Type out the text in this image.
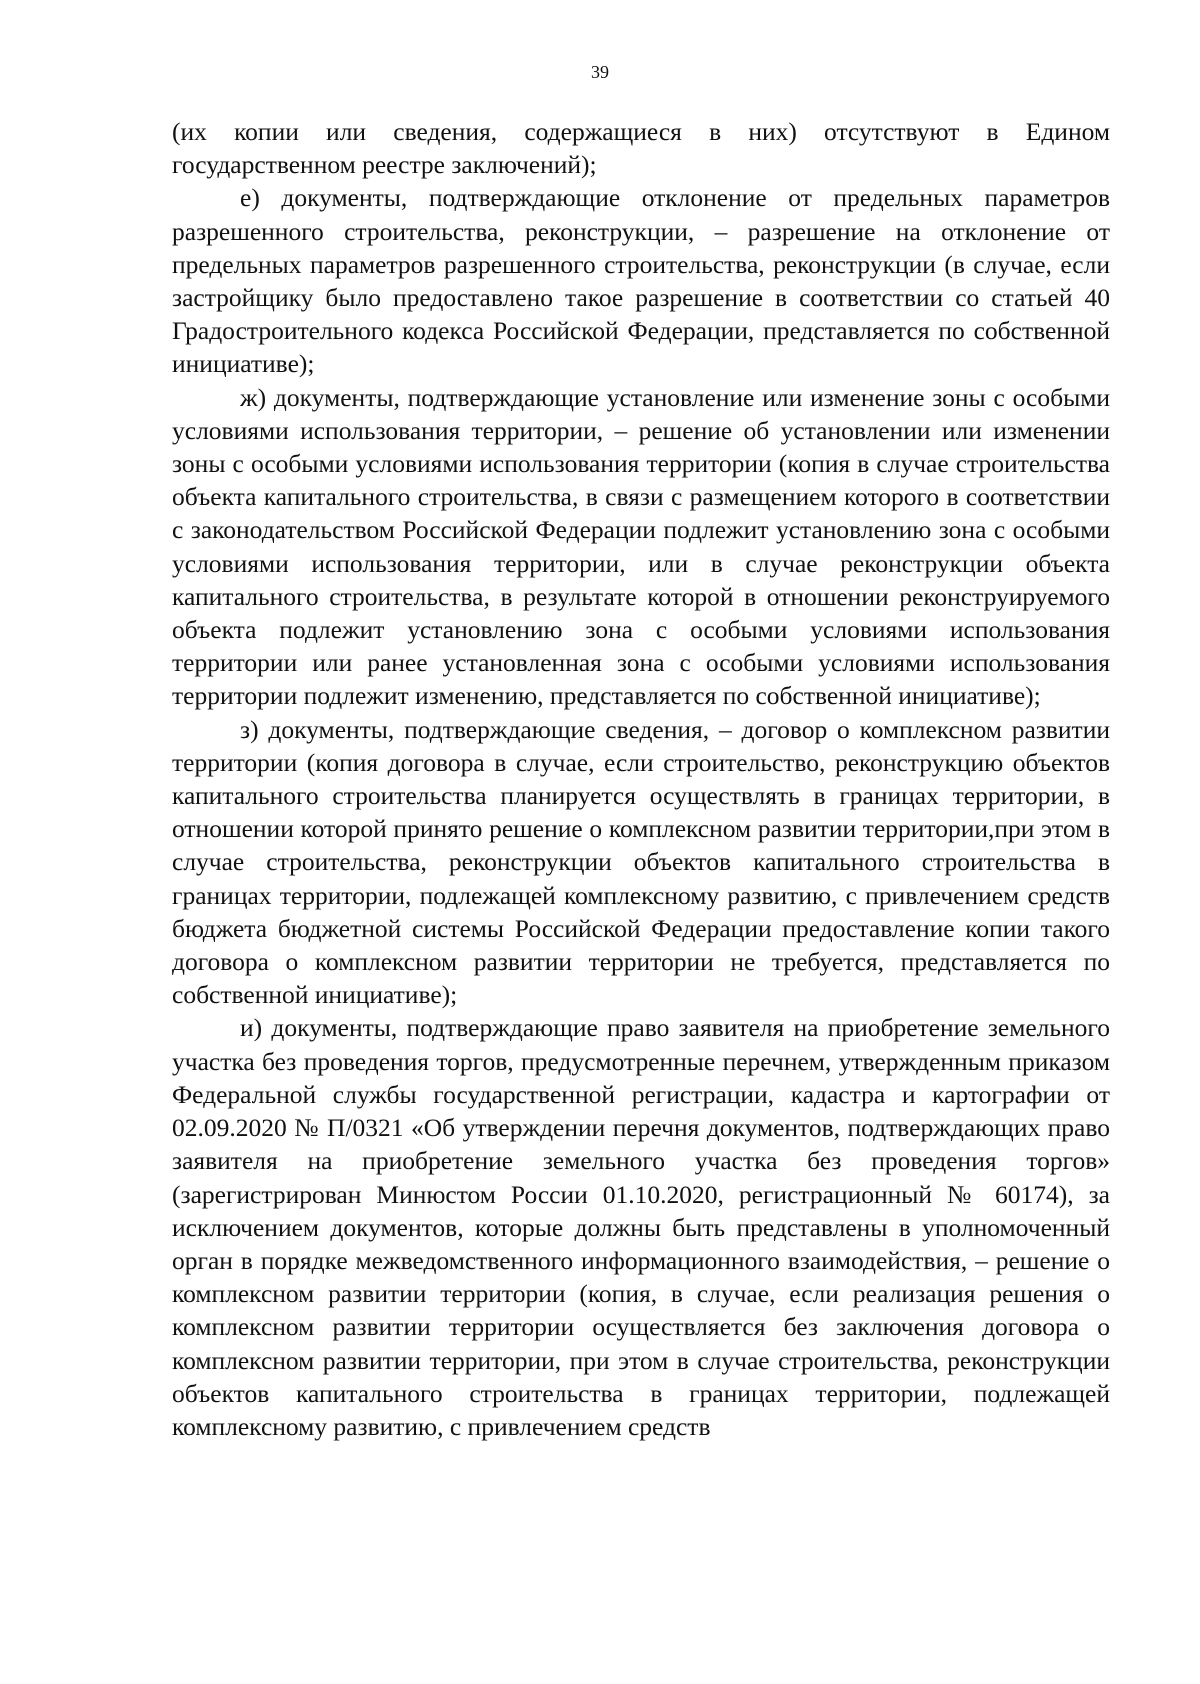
39

(их копии или сведения, содержащиеся в них) отсутствуют в Едином государственном реестре заключений);

е) документы, подтверждающие отклонение от предельных параметров разрешенного строительства, реконструкции, – разрешение на отклонение от предельных параметров разрешенного строительства, реконструкции (в случае, если застройщику было предоставлено такое разрешение в соответствии со статьей 40 Градостроительного кодекса Российской Федерации, представляется по собственной инициативе);

ж) документы, подтверждающие установление или изменение зоны с особыми условиями использования территории, – решение об установлении или изменении зоны с особыми условиями использования территории (копия в случае строительства объекта капитального строительства, в связи с размещением которого в соответствии с законодательством Российской Федерации подлежит установлению зона с особыми условиями использования территории, или в случае реконструкции объекта капитального строительства, в результате которой в отношении реконструируемого объекта подлежит установлению зона с особыми условиями использования территории или ранее установленная зона с особыми условиями использования территории подлежит изменению, представляется по собственной инициативе);

з) документы, подтверждающие сведения, – договор о комплексном развитии территории (копия договора в случае, если строительство, реконструкцию объектов капитального строительства планируется осуществлять в границах территории, в отношении которой принято решение о комплексном развитии территории,при этом в случае строительства, реконструкции объектов капитального строительства в границах территории, подлежащей комплексному развитию, с привлечением средств бюджета бюджетной системы Российской Федерации предоставление копии такого договора о комплексном развитии территории не требуется, представляется по собственной инициативе);

и) документы, подтверждающие право заявителя на приобретение земельного участка без проведения торгов, предусмотренные перечнем, утвержденным приказом Федеральной службы государственной регистрации, кадастра и картографии от 02.09.2020 № П/0321 «Об утверждении перечня документов, подтверждающих право заявителя на приобретение земельного участка без проведения торгов» (зарегистрирован Минюстом России 01.10.2020, регистрационный № 60174), за исключением документов, которые должны быть представлены в уполномоченный орган в порядке межведомственного информационного взаимодействия, – решение о комплексном развитии территории (копия, в случае, если реализация решения о комплексном развитии территории осуществляется без заключения договора о комплексном развитии территории, при этом в случае строительства, реконструкции объектов капитального строительства в границах территории, подлежащей комплексному развитию, с привлечением средств
